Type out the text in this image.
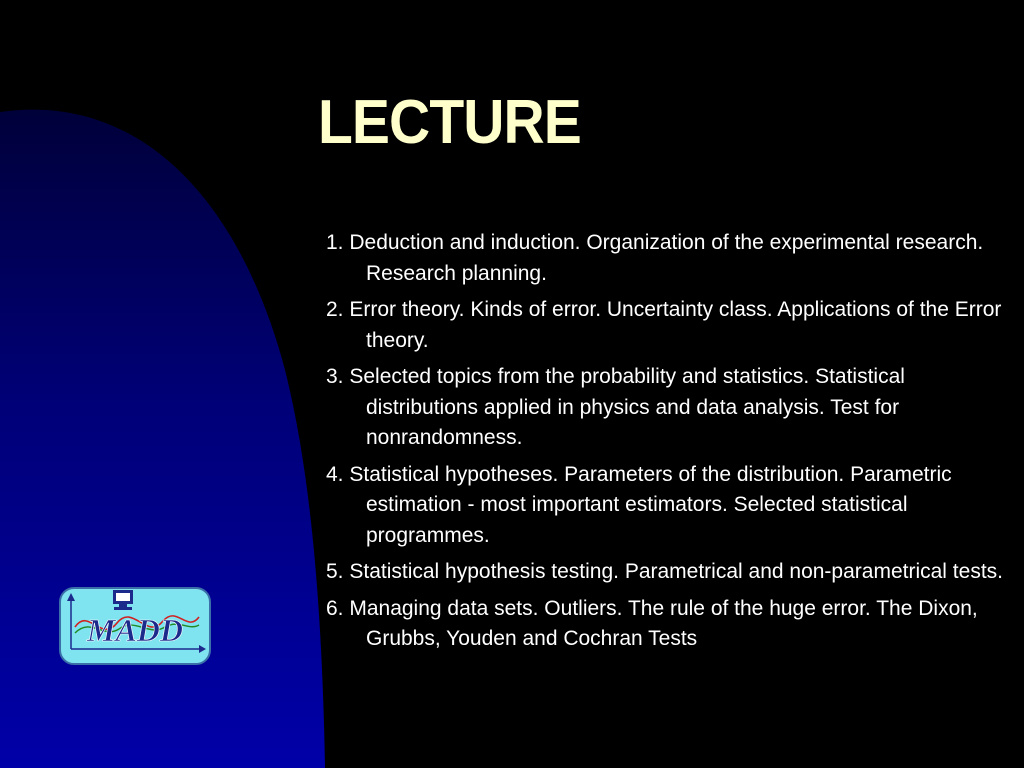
LECTURE
1. Deduction and induction. Organization of the experimental research. Research planning.
2. Error theory. Kinds of error. Uncertainty class. Applications of the Error theory.
3. Selected topics from the probability and statistics. Statistical distributions applied in physics and data analysis. Test for nonrandomness.
4. Statistical hypotheses. Parameters of the distribution. Parametric estimation - most important estimators. Selected statistical programmes.
5. Statistical hypothesis testing. Parametrical and non-parametrical tests.
6. Managing data sets. Outliers. The rule of the huge error. The Dixon, Grubbs, Youden and Cochran Tests
MADD
